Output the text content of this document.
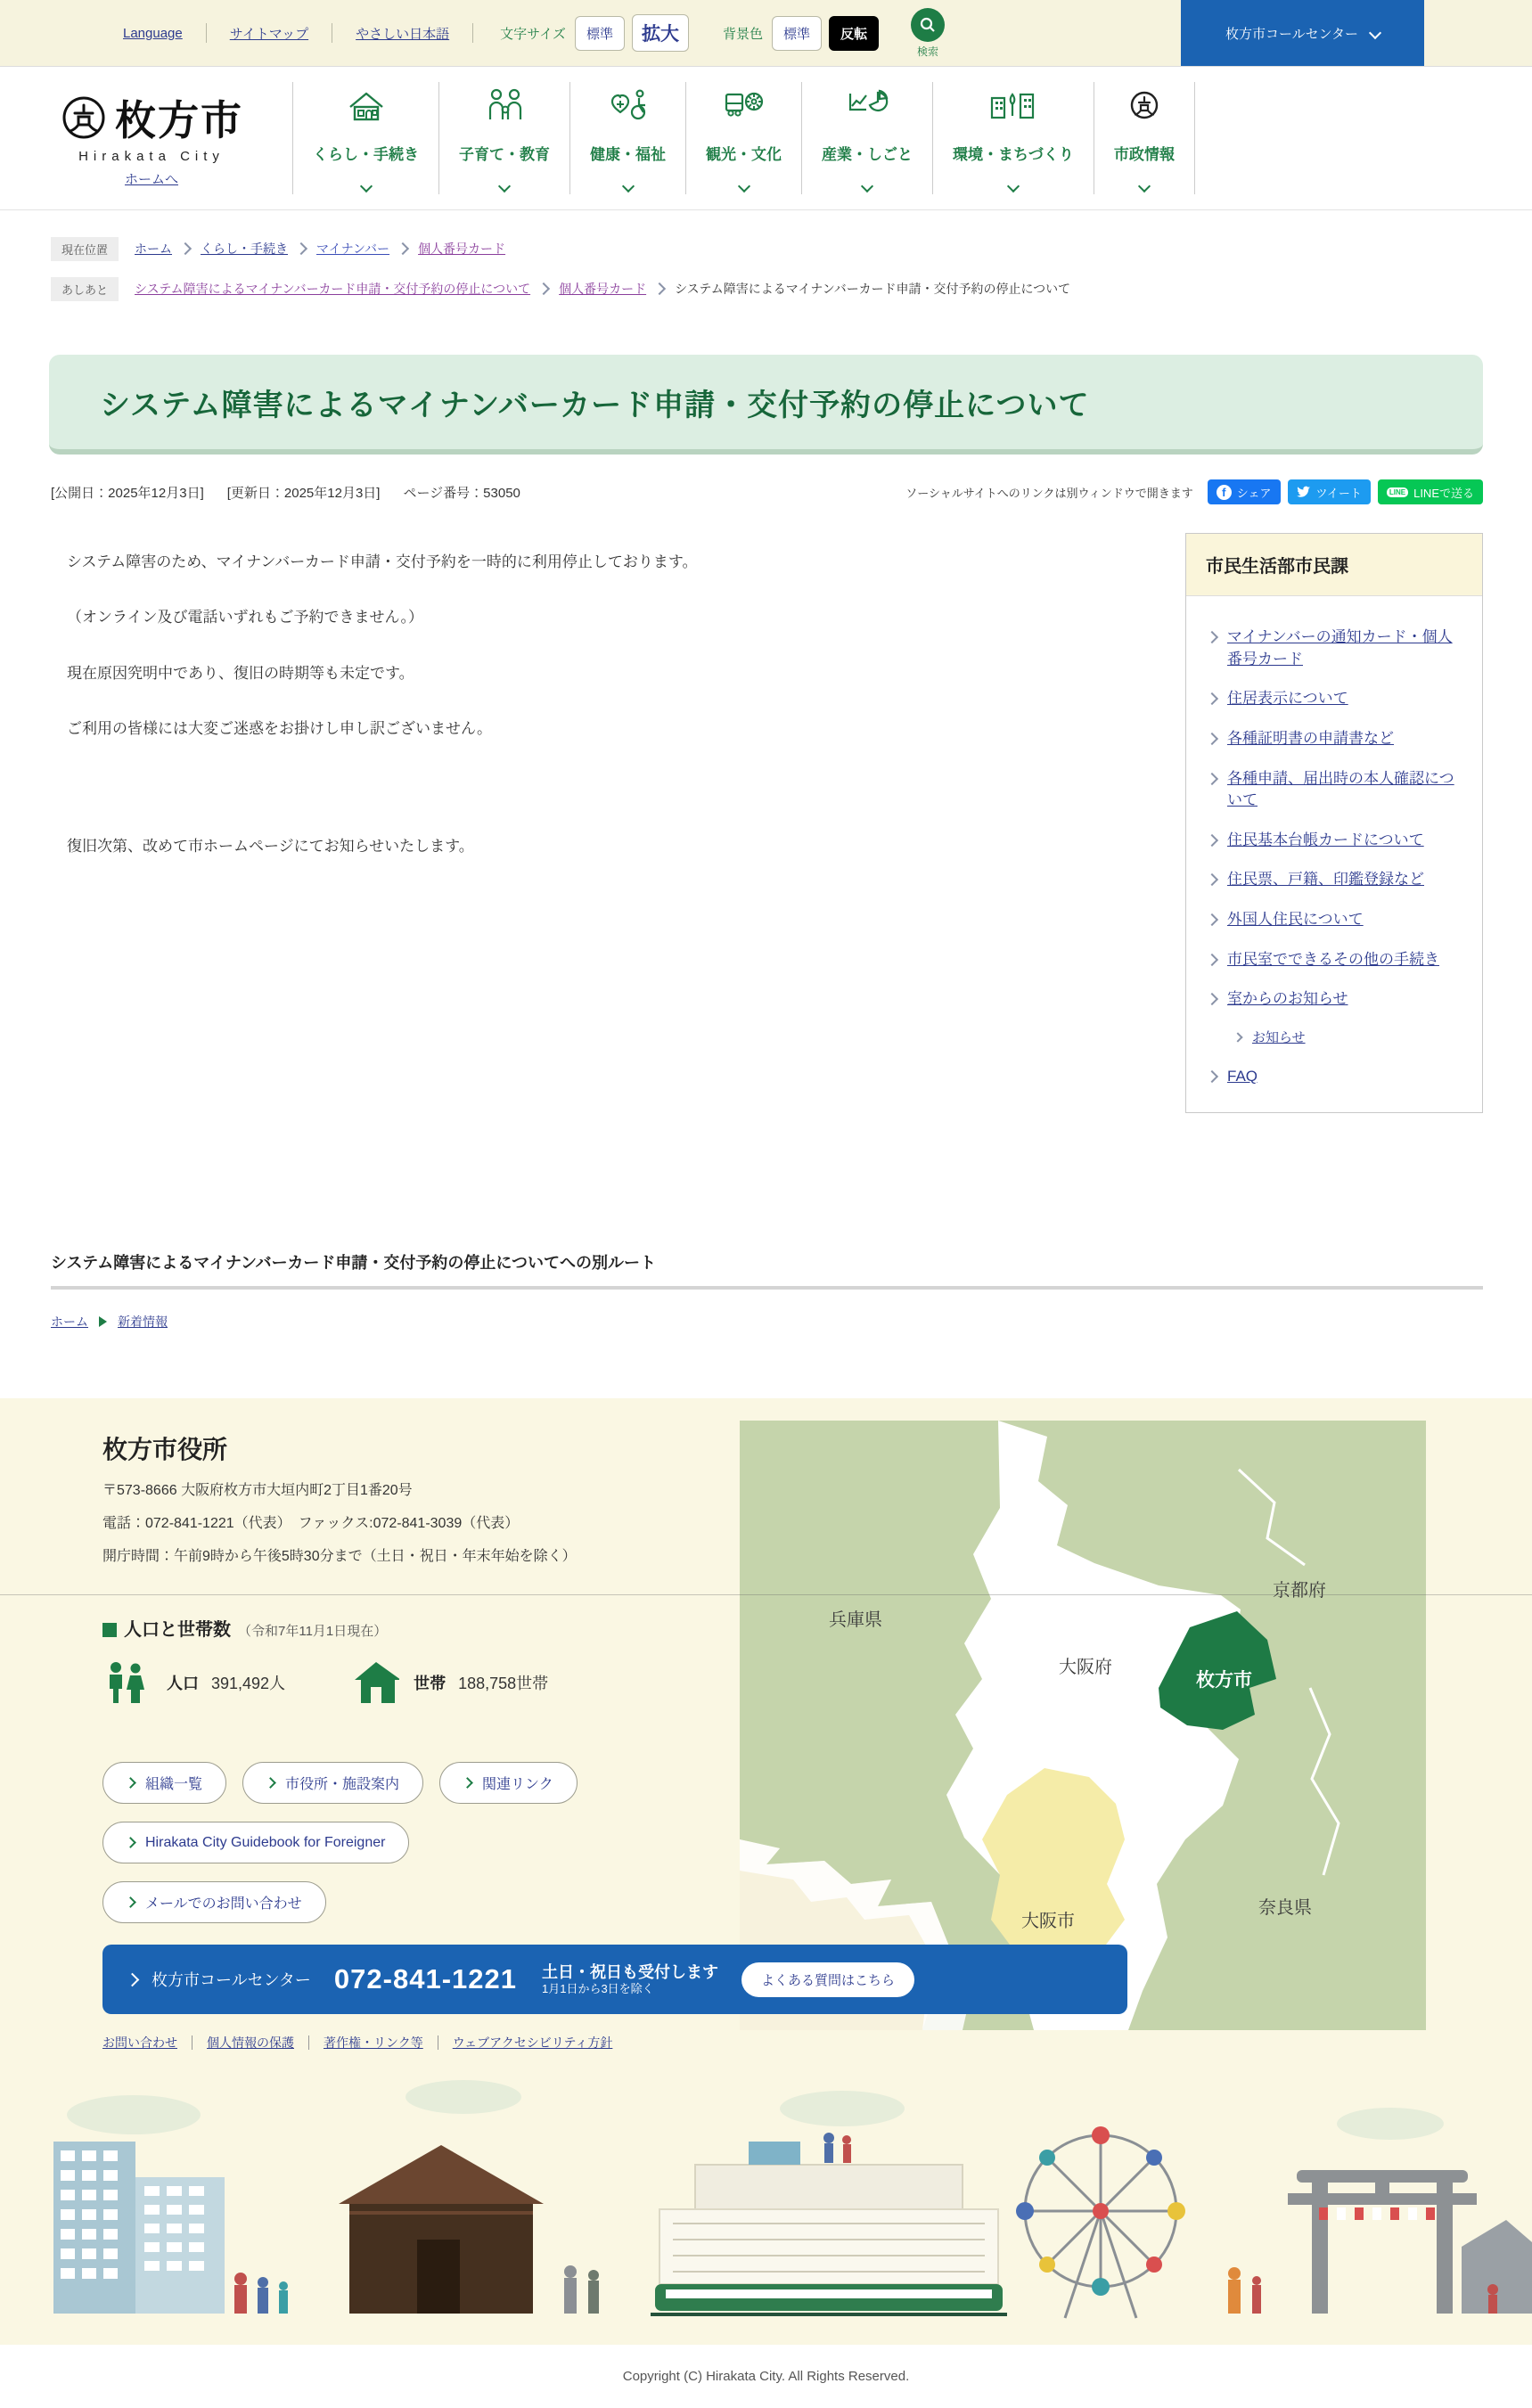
Language	サイトマップ	やさしい日本語	文字サイズ	標準	拡大	背景色	標準	反転
検索
枚方市コールセンター
枚方市
Hirakata City
ホームへ
くらし・手続き	子育て・教育	健康・福祉	観光・文化	産業・しごと	環境・まちづくり	市政情報
現在位置	ホーム くらし・手続き マイナンバー 個人番号カード
あしあと	システム障害によるマイナンバーカード申請・交付予約の停止について 個人番号カード システム障害によるマイナンバーカード申請・交付予約の停止について
システム障害によるマイナンバーカード申請・交付予約の停止について
[公開日：2025年12月3日] [更新日：2025年12月3日] ページ番号：53050	ソーシャルサイトへのリンクは別ウィンドウで開きます	f シェア	ツイート	LINE LINEで送る

システム障害のため、マイナンバーカード申請・交付予約を一時的に利用停止しております。

（オンライン及び電話いずれもご予約できません。）

現在原因究明中であり、復旧の時期等も未定です。

ご利用の皆様には大変ご迷惑をお掛けし申し訳ございません。

復旧次第、改めて市ホームページにてお知らせいたします。

市民生活部市民課
マイナンバーの通知カード・個人番号カード
住居表示について
各種証明書の申請書など
各種申請、届出時の本人確認について
住民基本台帳カードについて
住民票、戸籍、印鑑登録など
外国人住民について
市民室でできるその他の手続き
室からのお知らせ
お知らせ
FAQ
システム障害によるマイナンバーカード申請・交付予約の停止についてへの別ルート
ホーム 新着情報
兵庫県
京都府
大阪府
枚方市
大阪市
奈良県
枚方市役所

〒573-8666 大阪府枚方市大垣内町2丁目1番20号

電話：072-841-1221（代表）　ファックス:072-841-3039（代表）

開庁時間：午前9時から午後5時30分まで（土日・祝日・年末年始を除く）

人口と世帯数 （令和7年11月1日現在）
人口 391,492人	世帯 188,758世帯
組織一覧	市役所・施設案内	関連リンク
Hirakata City Guidebook for Foreigner
メールでのお問い合わせ
枚方市コールセンター 072-841-1221 土日・祝日も受付します
1月1日から3日を除く
よくある質問はこちら
お問い合わせ 個人情報の保護 著作権・リンク等 ウェブアクセシビリティ方針
Copyright (C) Hirakata City. All Rights Reserved.
